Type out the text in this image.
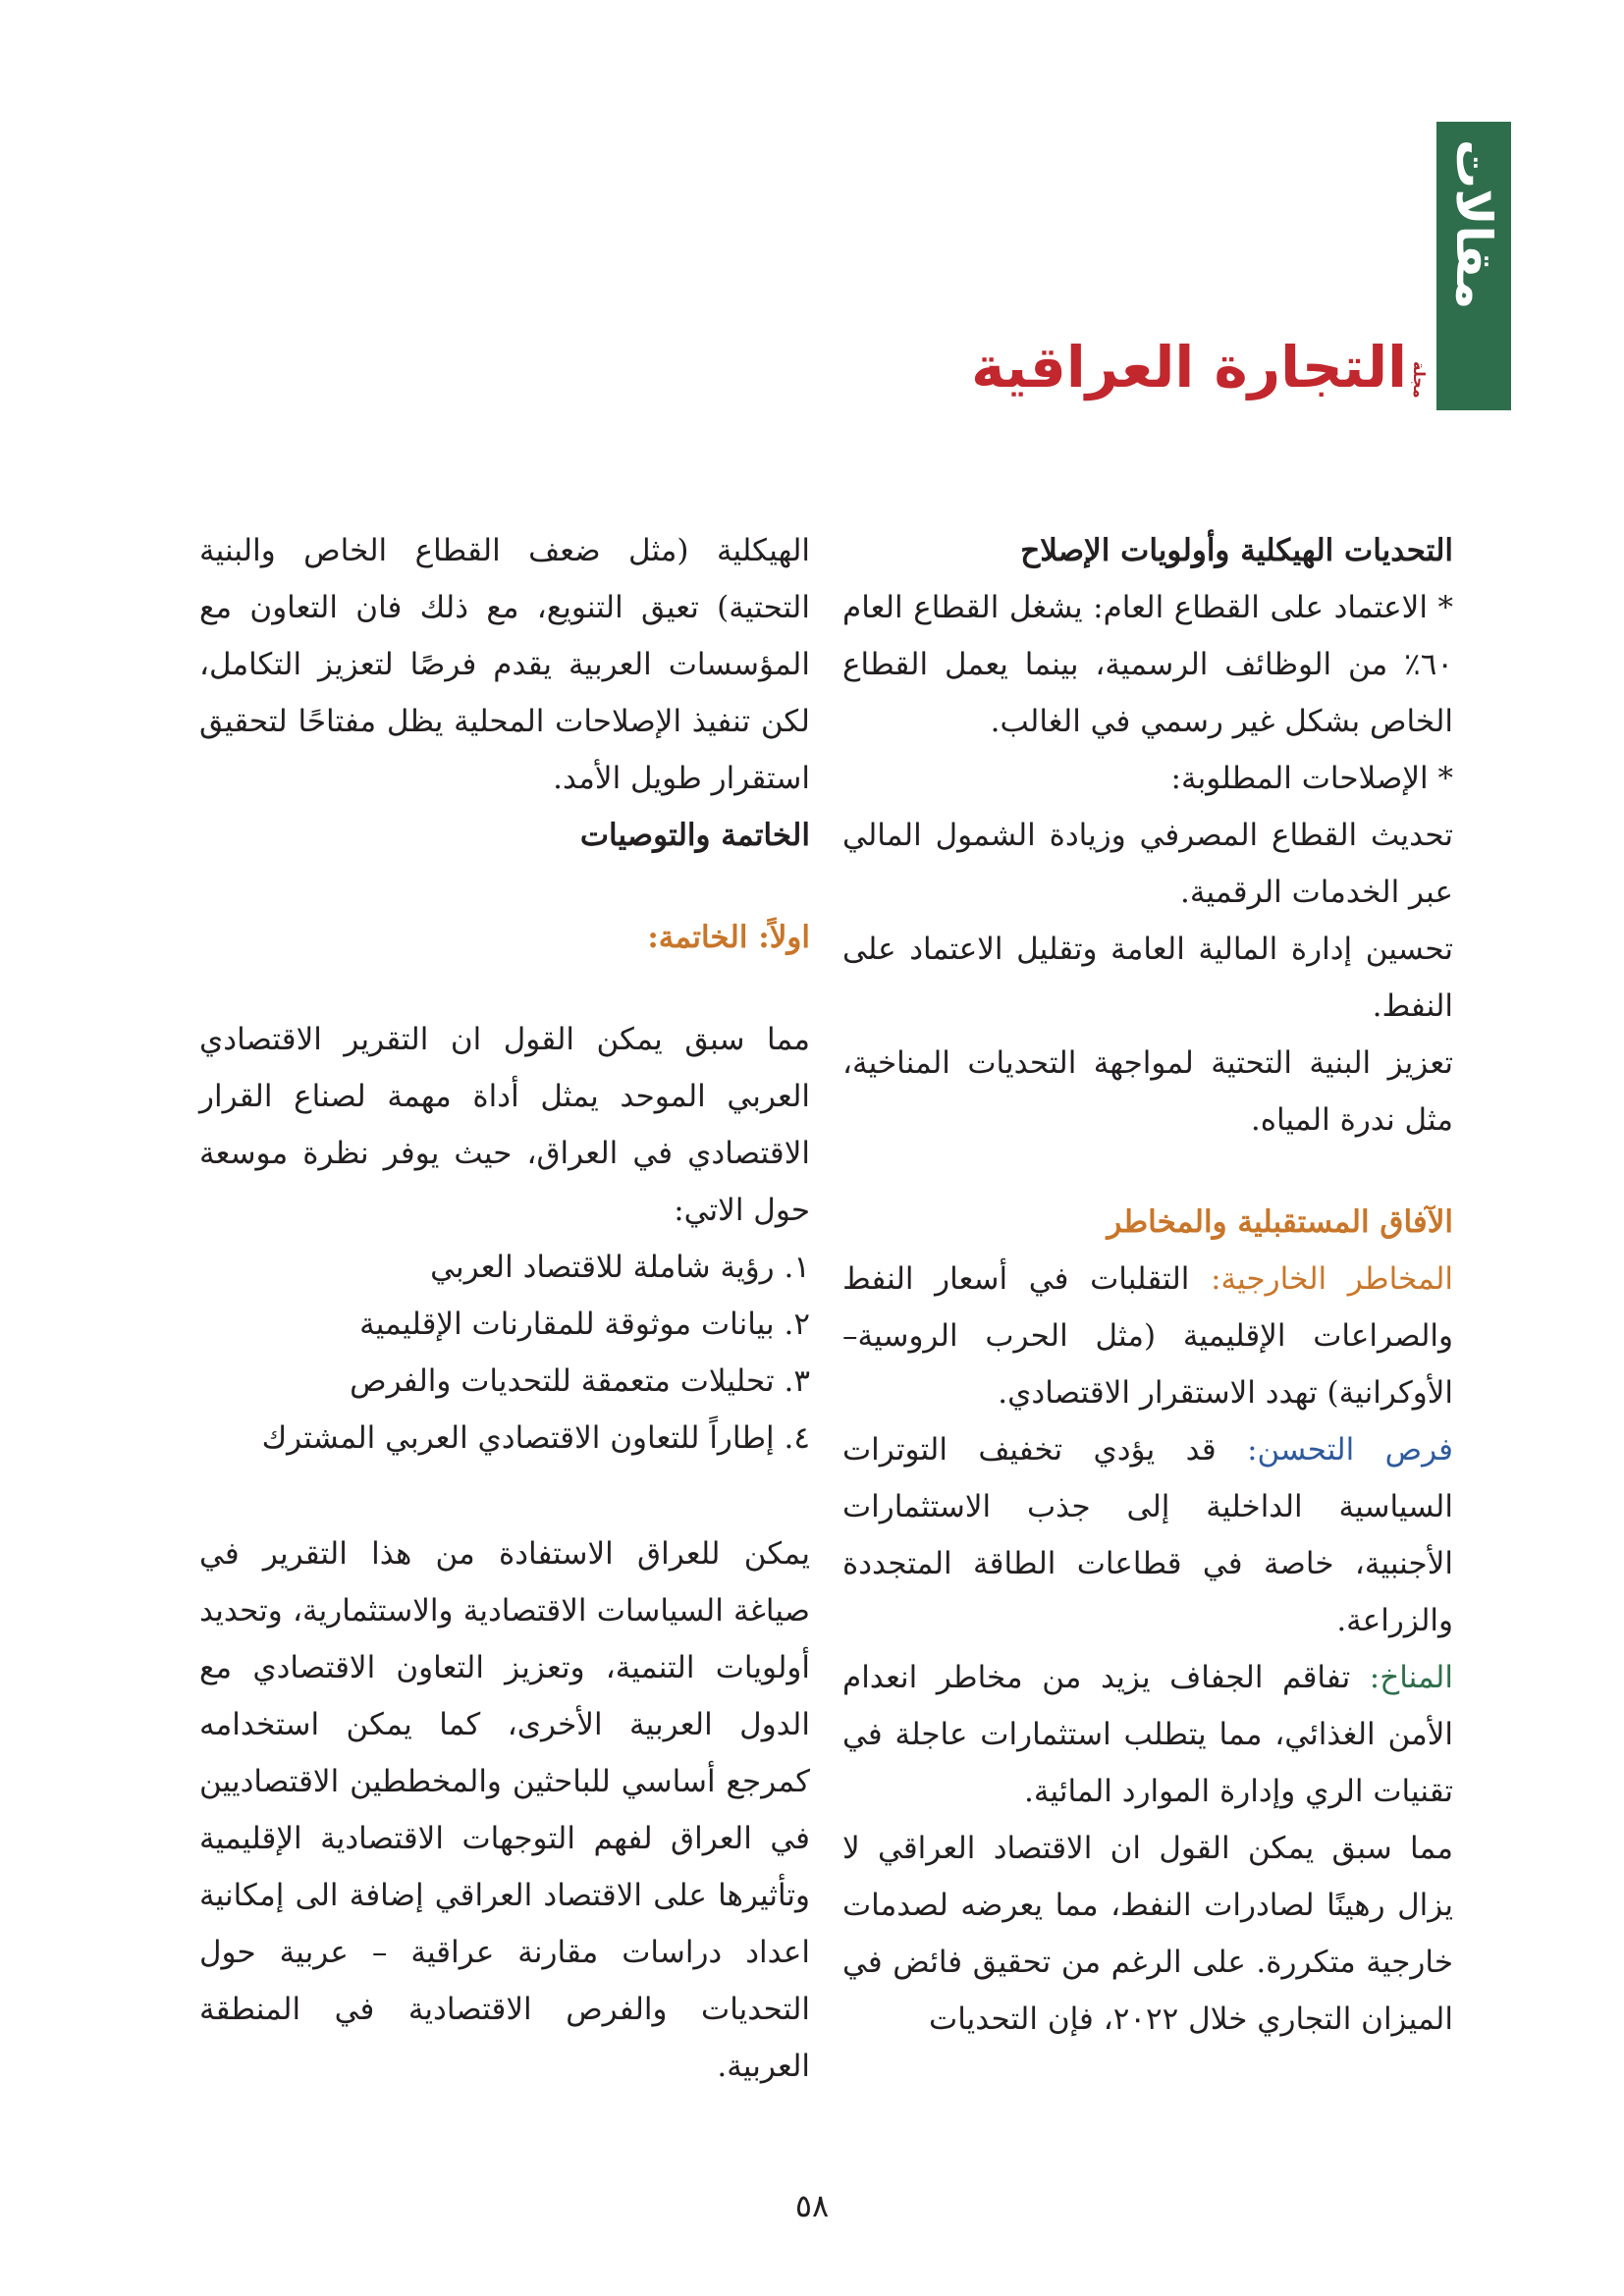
مقالات
مجلة
التجارة العراقية

التحديات الهيكلية وأولويات الإصلاح

* الاعتماد على القطاع العام: يشغل القطاع العام ٦٠٪ من الوظائف الرسمية، بينما يعمل القطاع الخاص بشكل غير رسمي في الغالب.

* الإصلاحات المطلوبة:

تحديث القطاع المصرفي وزيادة الشمول المالي عبر الخدمات الرقمية.

تحسين إدارة المالية العامة وتقليل الاعتماد على النفط.

تعزيز البنية التحتية لمواجهة التحديات المناخية، مثل ندرة المياه.

الآفاق المستقبلية والمخاطر

المخاطر الخارجية: التقلبات في أسعار النفط والصراعات الإقليمية (مثل الحرب الروسية–الأوكرانية) تهدد الاستقرار الاقتصادي.

فرص التحسن: قد يؤدي تخفيف التوترات السياسية الداخلية إلى جذب الاستثمارات الأجنبية، خاصة في قطاعات الطاقة المتجددة والزراعة.

المناخ: تفاقم الجفاف يزيد من مخاطر انعدام الأمن الغذائي، مما يتطلب استثمارات عاجلة في تقنيات الري وإدارة الموارد المائية.

مما سبق يمكن القول ان الاقتصاد العراقي لا يزال رهينًا لصادرات النفط، مما يعرضه لصدمات خارجية متكررة. على الرغم من تحقيق فائض في الميزان التجاري خلال ٢٠٢٢، فإن التحديات

الهيكلية (مثل ضعف القطاع الخاص والبنية التحتية) تعيق التنويع، مع ذلك فان التعاون مع المؤسسات العربية يقدم فرصًا لتعزيز التكامل، لكن تنفيذ الإصلاحات المحلية يظل مفتاحًا لتحقيق استقرار طويل الأمد.

الخاتمة والتوصيات

اولاً: الخاتمة:

مما سبق يمكن القول ان التقرير الاقتصادي العربي الموحد يمثل أداة مهمة لصناع القرار الاقتصادي في العراق، حيث يوفر نظرة موسعة حول الاتي:

١. رؤية شاملة للاقتصاد العربي

٢. بيانات موثوقة للمقارنات الإقليمية

٣. تحليلات متعمقة للتحديات والفرص

٤. إطاراً للتعاون الاقتصادي العربي المشترك

يمكن للعراق الاستفادة من هذا التقرير في صياغة السياسات الاقتصادية والاستثمارية، وتحديد أولويات التنمية، وتعزيز التعاون الاقتصادي مع الدول العربية الأخرى، كما يمكن استخدامه كمرجع أساسي للباحثين والمخططين الاقتصاديين في العراق لفهم التوجهات الاقتصادية الإقليمية وتأثيرها على الاقتصاد العراقي إضافة الى إمكانية اعداد دراسات مقارنة عراقية – عربية حول التحديات والفرص الاقتصادية في المنطقة العربية.

٥٨
